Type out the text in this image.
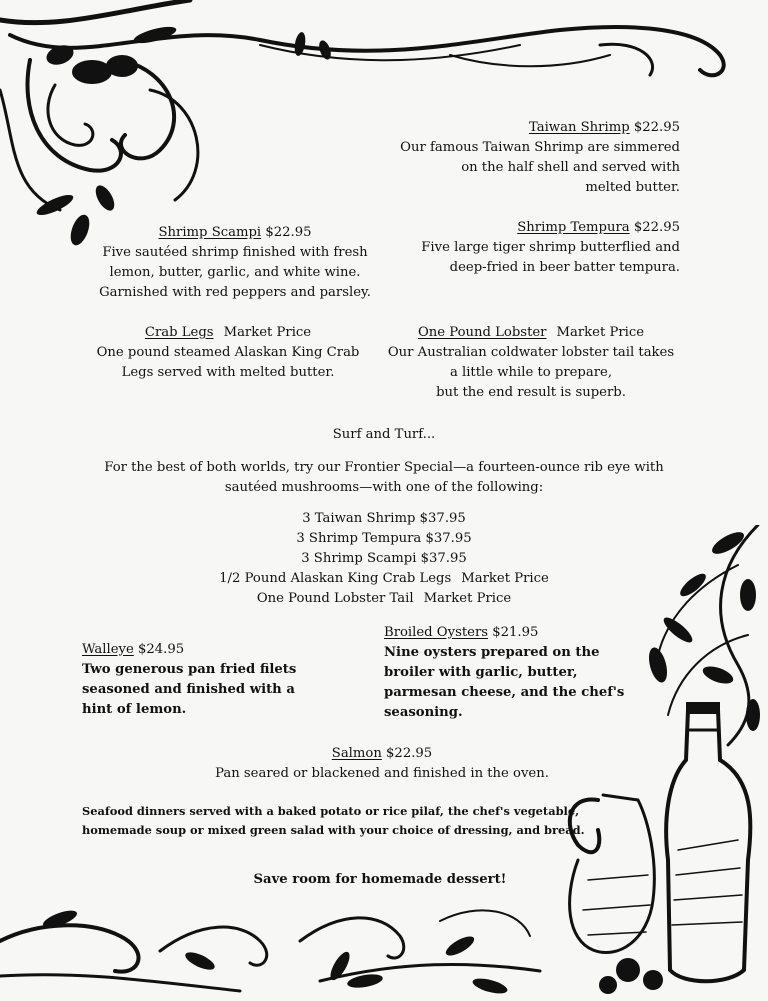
Taiwan Shrimp $22.95
Our famous Taiwan Shrimp are simmered
on the half shell and served with
melted butter.
Shrimp Tempura $22.95
Five large tiger shrimp butterflied and
deep-fried in beer batter tempura.
Shrimp Scampi $22.95
Five sautéed shrimp finished with fresh
lemon, butter, garlic, and white wine.
Garnished with red peppers and parsley.
Crab Legs Market Price
One pound steamed Alaskan King Crab
Legs served with melted butter.
One Pound Lobster Market Price
Our Australian coldwater lobster tail takes
a little while to prepare,
but the end result is superb.
Surf and Turf...
For the best of both worlds, try our Frontier Special—a fourteen-ounce rib eye with
sautéed mushrooms—with one of the following:
3 Taiwan Shrimp $37.95
3 Shrimp Tempura $37.95
3 Shrimp Scampi $37.95
1/2 Pound Alaskan King Crab Legs Market Price
One Pound Lobster Tail Market Price
Walleye $24.95
Two generous pan fried filets
seasoned and finished with a
hint of lemon.
Broiled Oysters $21.95
Nine oysters prepared on the
broiler with garlic, butter,
parmesan cheese, and the chef's
seasoning.
Salmon $22.95
Pan seared or blackened and finished in the oven.
Seafood dinners served with a baked potato or rice pilaf, the chef's vegetable,
homemade soup or mixed green salad with your choice of dressing, and bread.
Save room for homemade dessert!
